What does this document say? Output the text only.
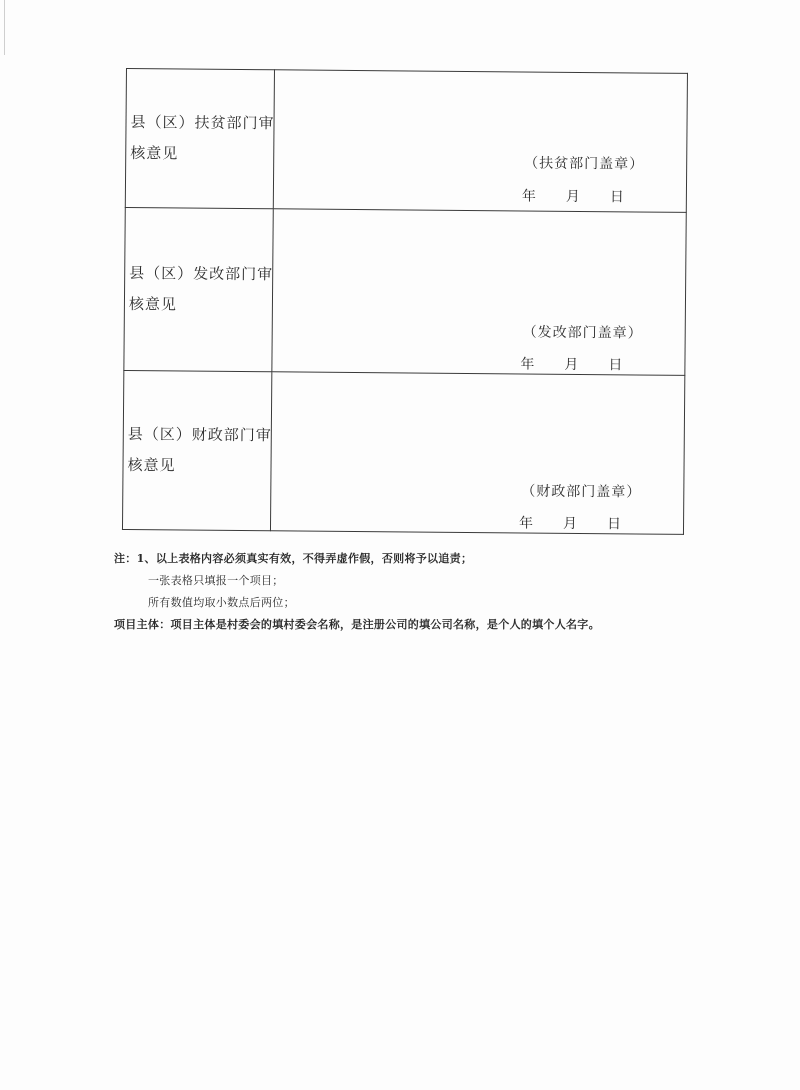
县（区）扶贫部门审核意见	（扶贫部门盖章）
年 月 日

县（区）发改部门审核意见	（发改部门盖章）
年 月 日

县（区）财政部门审核意见	（财政部门盖章）
年 月 日
注：1、以上表格内容必须真实有效，不得弄虚作假，否则将予以追责；
一张表格只填报一个项目；
所有数值均取小数点后两位；
项目主体：项目主体是村委会的填村委会名称，是注册公司的填公司名称，是个人的填个人名字。
